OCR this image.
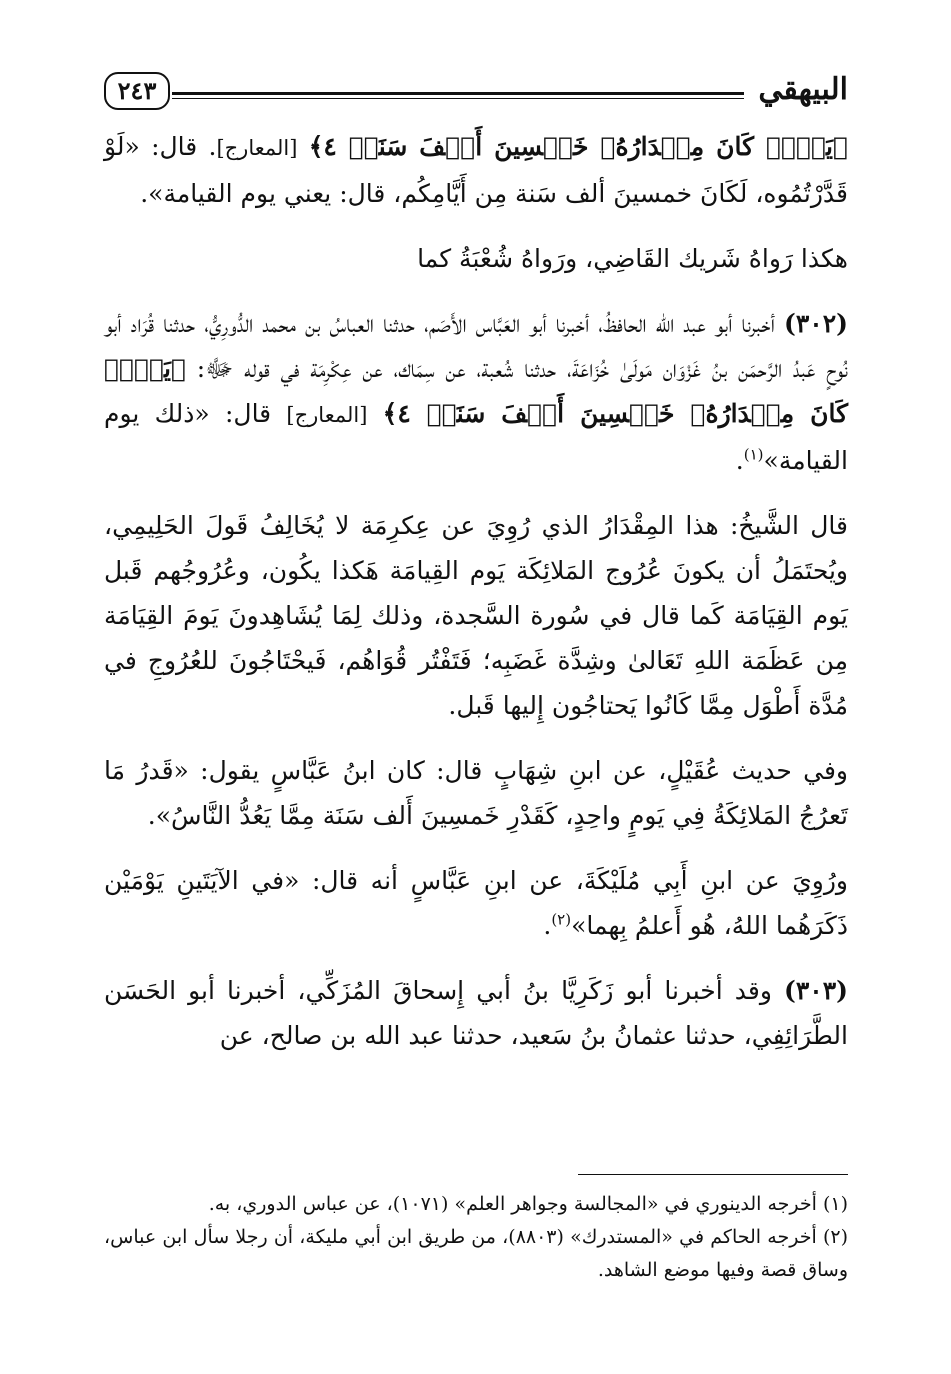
البيهقي
٢٤٣

﴿يَوۡمٖ كَانَ مِقۡدَارُهُۥ خَمۡسِينَ أَلۡفَ سَنَةٖ ٤﴾ [المعارج]. قال: «لَوْ قَدَّرْتُمُوه، لَكَانَ خمسينَ ألف سَنة مِن أَيَّامِكُم، قال: يعني يوم القيامة».

هكذا رَواهُ شَريك القَاضِي، ورَواهُ شُعْبَةُ كما

(٣٠٢) أخبرنا أبو عبد الله الحافظُ، أخبرنا أبو العَبَّاس الأَصَم، حدثنا العباسُ بن محمد الدُّورِيُّ، حدثنا قُرَاد أبو نُوحٍ عَبدُ الرَّحمَن بنُ غَزْوَان مَولَىٰ خُزَاعَةَ، حدثنا شُعبة، عن سِمَاك، عن عِكْرِمَة في قوله ﷻ: ﴿يَوۡمٖ كَانَ مِقۡدَارُهُۥ خَمۡسِينَ أَلۡفَ سَنَةٖ ٤﴾ [المعارج] قال: «ذلك يوم القيامة»$^{(١)}$.

قال الشَّيخُ: هذا المِقْدَارُ الذي رُوِيَ عن عِكرِمَة لا يُخَالِفُ قَولَ الحَلِيمِي، ويُحتَمَلُ أن يكونَ عُرُوج المَلائِكَة يَوم القِيامَة هَكذا يكُون، وعُرُوجُهم قَبل يَوم القِيَامَة كَما قال في سُورة السَّجدة، وذلك لِمَا يُشَاهِدونَ يَومَ القِيَامَة مِن عَظَمَة اللهِ تَعَالىٰ وشِدَّة غَضَبِه؛ فَتَفْتُر قُوَاهُم، فَيحْتَاجُونَ للعُرُوجِ في مُدَّة أَطْوَل مِمَّا كَانُوا يَحتاجُون إِليها قَبل.

وفي حديث عُقَيْلٍ، عن ابنِ شِهَابٍ قال: كان ابنُ عَبَّاسٍ يقول: «قَدرُ مَا تَعرُجُ المَلائِكَةُ فِي يَومٍ واحِدٍ، كَقَدْرِ خَمسِينَ أَلف سَنَة مِمَّا يَعُدُّ النَّاسُ».

ورُوِيَ عن ابنِ أَبِي مُلَيْكَةَ، عن ابنِ عَبَّاسٍ أنه قال: «في الآيَتَينِ يَوْمَيْن ذَكَرَهُما اللهُ، هُو أَعلمُ بِهما»$^{(٢)}$.

(٣٠٣) وقد أخبرنا أبو زَكَرِيَّا بنُ أبي إِسحاقَ المُزَكِّي، أخبرنا أبو الحَسَن الطَّرَائِفِي، حدثنا عثمانُ بنُ سَعيد، حدثنا عبد الله بن صالح، عن

(١) أخرجه الدينوري في «المجالسة وجواهر العلم» (١٠٧١)، عن عباس الدوري، به.

(٢) أخرجه الحاكم في «المستدرك» (٨٨٠٣)، من طريق ابن أبي مليكة، أن رجلا سأل ابن عباس، وساق قصة وفيها موضع الشاهد.
